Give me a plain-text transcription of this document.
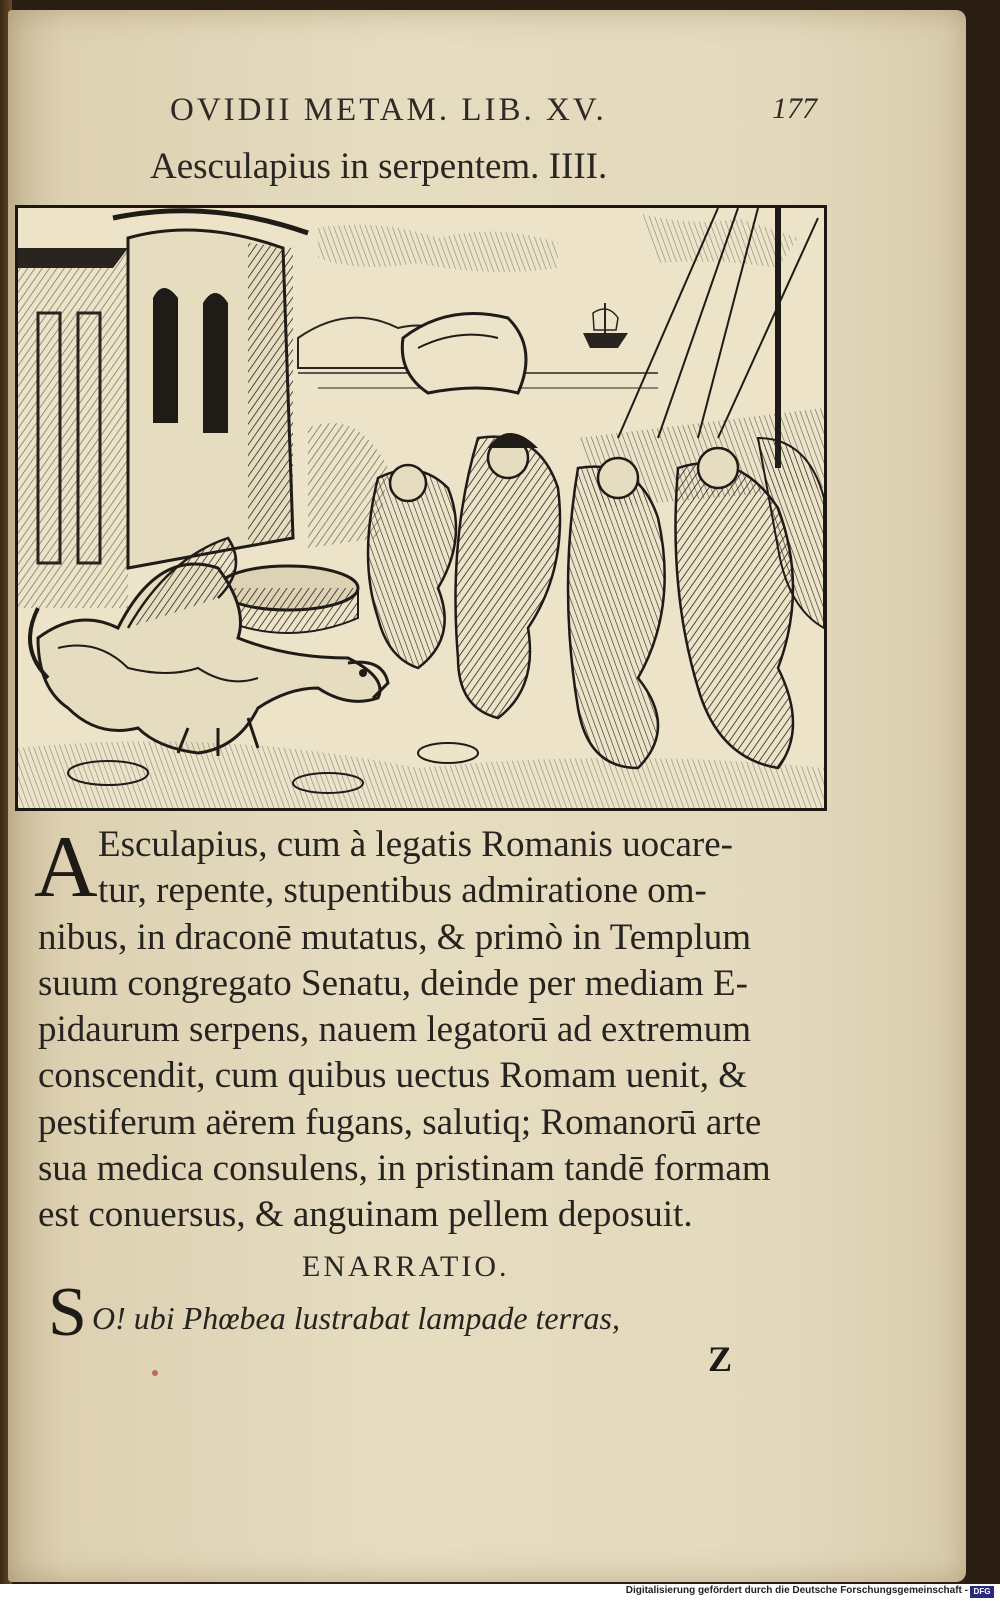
OVIDII METAM. LIB. XV.	177
Aesculapius in serpentem. IIII.
A Esculapius, cum à legatis Romanis uocare-
tur, repente, stupentibus admiratione om-
nibus, in draconē mutatus, & primò in Templum
suum congregato Senatu, deinde per mediam E-
pidaurum serpens, nauem legatorū ad extremum
conscendit, cum quibus uectus Romam uenit, &
pestiferum aërem fugans, salutiq; Romanorū arte
sua medica consulens, in pristinam tandē formam
est conuersus, & anguinam pellem deposuit.
ENARRATIO.
S O! ubi Phœbea lustrabat lampade terras,
Z
Digitalisierung gefördert durch die Deutsche Forschungsgemeinschaft - DFG
